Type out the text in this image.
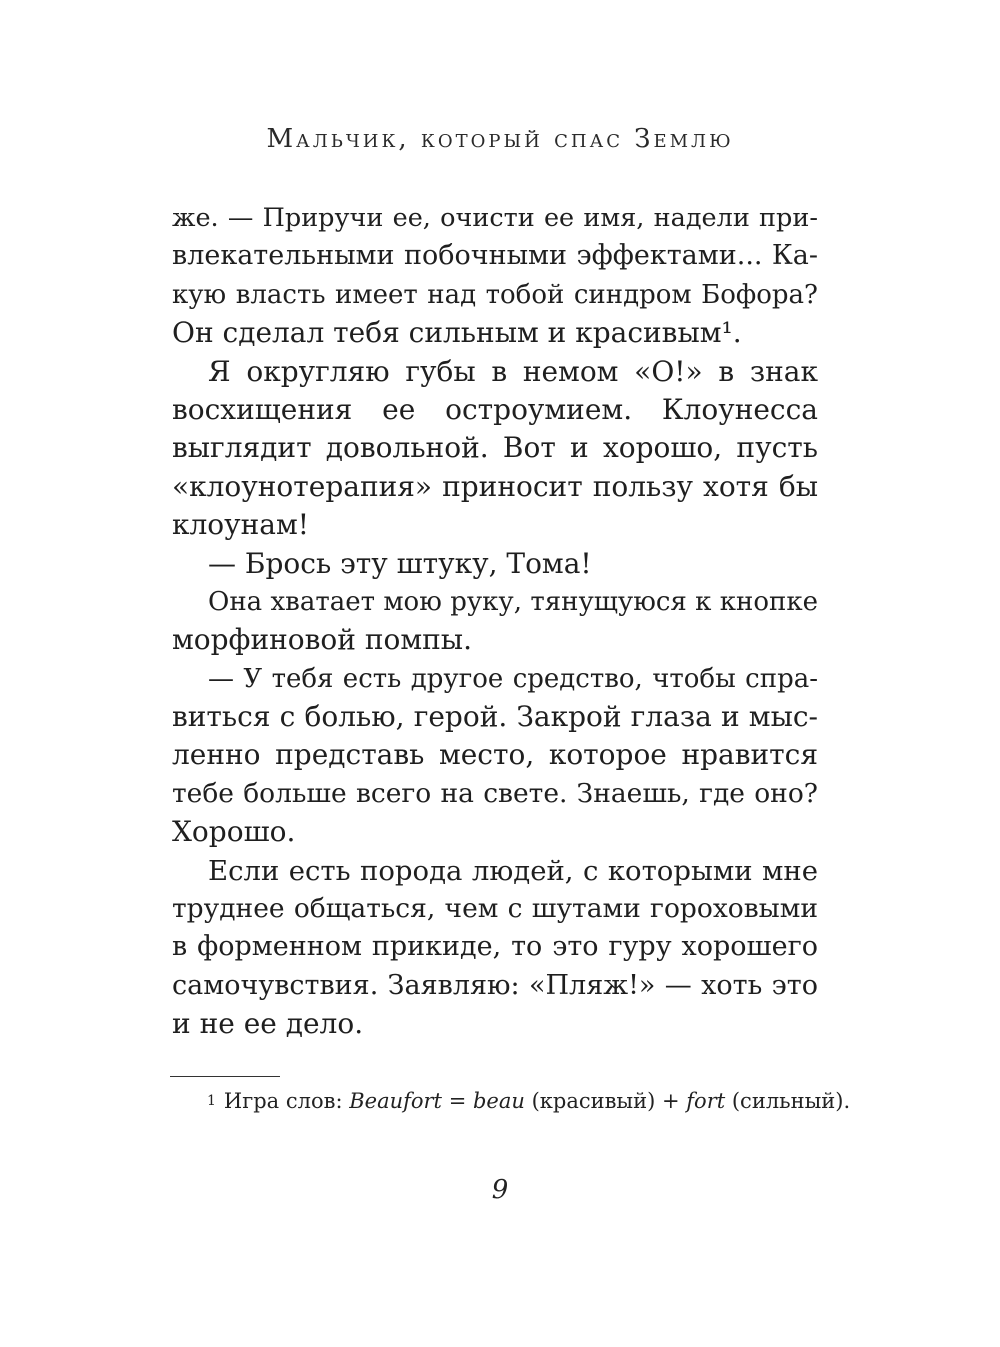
Мальчик, который спас Землю
же. — Приручи ее, очисти ее имя, надели при-
влекательными побочными эффектами... Ка-
кую власть имеет над тобой синдром Бофора?
Он сделал тебя сильным и красивым¹.
Я округляю губы в немом «О!» в знак
восхищения ее остроумием. Клоунесса
выглядит довольной. Вот и хорошо, пусть
«клоунотерапия» приносит пользу хотя бы
клоунам!
— Брось эту штуку, Тома!
Она хватает мою руку, тянущуюся к кнопке
морфиновой помпы.
— У тебя есть другое средство, чтобы спра-
виться с болью, герой. Закрой глаза и мыс-
ленно представь место, которое нравится
тебе больше всего на свете. Знаешь, где оно?
Хорошо.
Если есть порода людей, с которыми мне
труднее общаться, чем с шутами гороховыми
в форменном прикиде, то это гуру хорошего
самочувствия. Заявляю: «Пляж!» — хоть это
и не ее дело.
$^1$ Игра слов: Beaufort = beau (красивый) + fort (сильный).
9
